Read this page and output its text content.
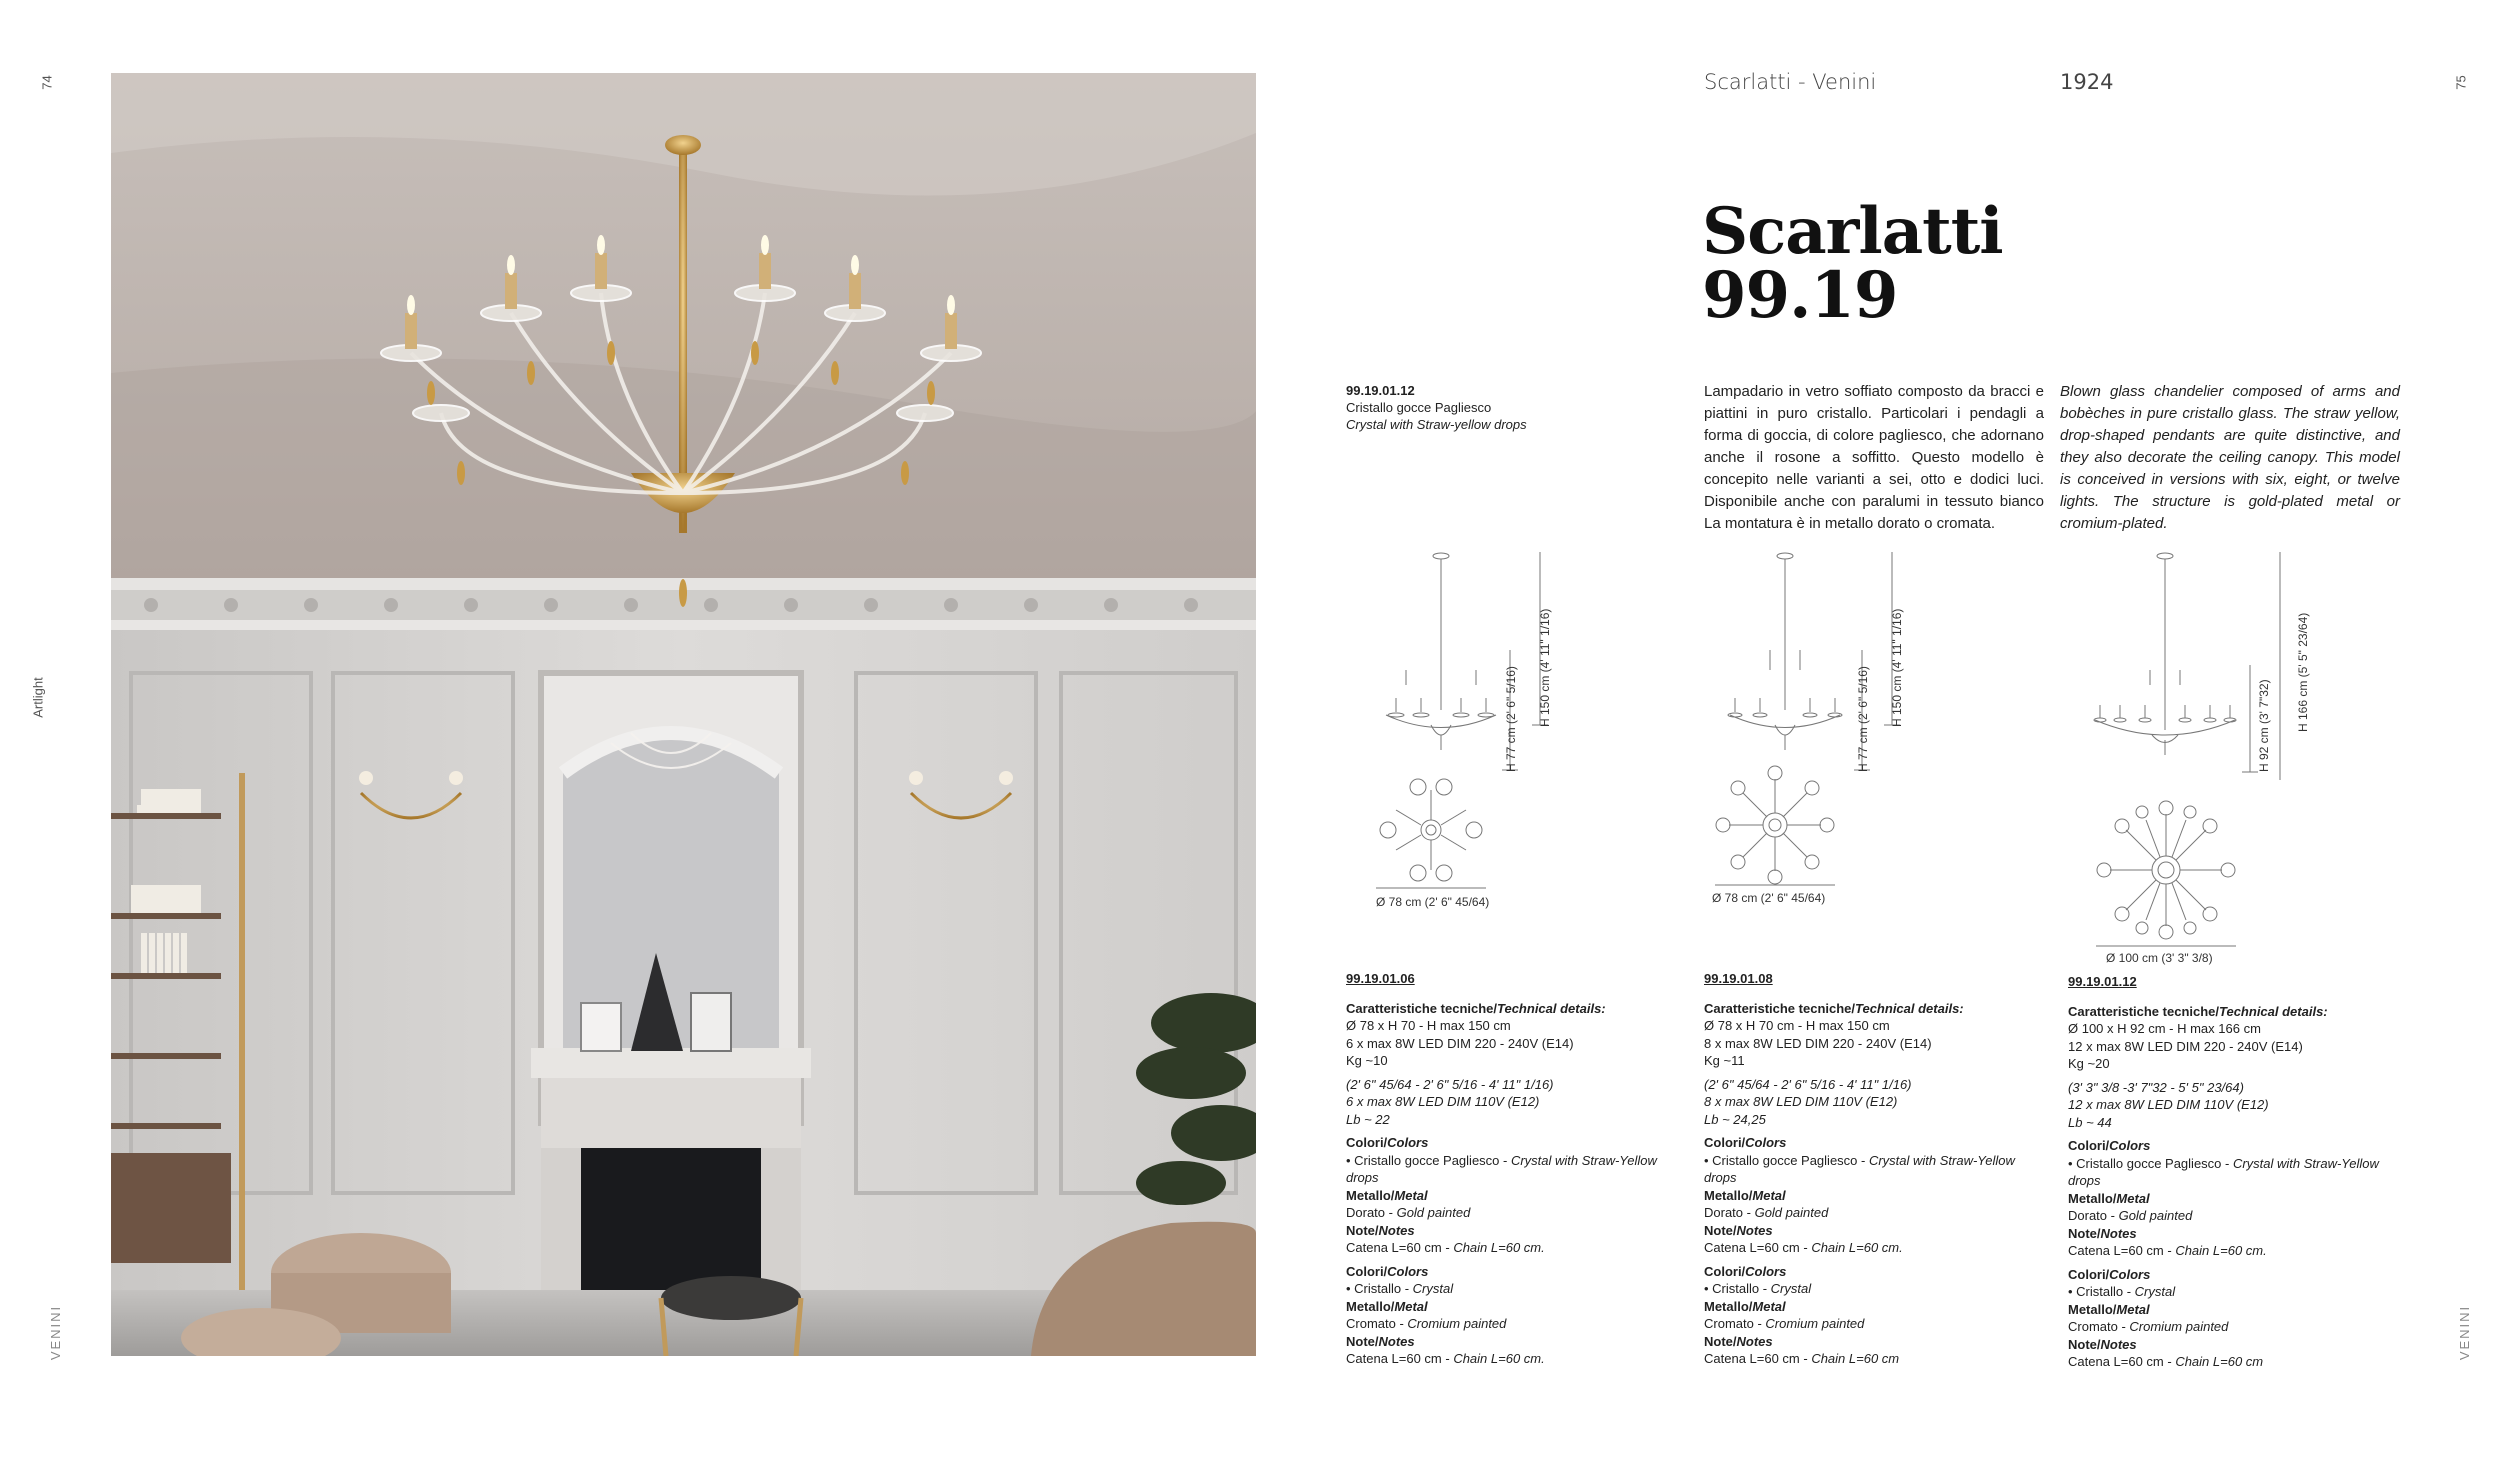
74	75
Artlight
VENINI	VENINI
Scarlatti - Venini	1924
Scarlatti
99.19
99.19.01.12
Cristallo gocce Pagliesco
Crystal with Straw-yellow drops
Lampadario in vetro soffiato composto da bracci e piattini in puro cristallo. Particolari i pendagli a forma di goccia, di colore pagliesco, che adornano anche il rosone a soffitto. Questo modello è concepito nelle varianti a sei, otto e dodici luci. Disponibile anche con paralumi in tessuto bianco La montatura è in metallo dorato o cromata.
Blown glass chandelier composed of arms and bobèches in pure cristallo glass. The straw yellow, drop-shaped pendants are quite distinctive, and they also decorate the ceiling canopy. This model is conceived in versions with six, eight, or twelve lights. The structure is gold-plated metal or cromium-plated.
H 77 cm (2' 6" 5/16) H 150 cm (4' 11" 1/16)
Ø 78 cm (2' 6" 45/64)
H 77 cm (2' 6" 5/16) H 150 cm (4' 11" 1/16)
Ø 78 cm (2' 6" 45/64)
H 92 cm (3' 7"32) H 166 cm (5' 5" 23/64)
Ø 100 cm (3' 3" 3/8)
99.19.01.06
Caratteristiche tecniche/Technical details:
Ø 78 x H 70 - H max 150 cm
6 x max 8W LED DIM 220 - 240V (E14)
Kg ~10
(2' 6" 45/64 - 2' 6" 5/16 - 4' 11" 1/16)
6 x max 8W LED DIM 110V (E12)
Lb ~ 22
Colori/Colors
• Cristallo gocce Pagliesco - Crystal with Straw-Yellow drops
Metallo/Metal
Dorato - Gold painted
Note/Notes
Catena L=60 cm - Chain L=60 cm.
Colori/Colors
• Cristallo - Crystal
Metallo/Metal
Cromato - Cromium painted
Note/Notes
Catena L=60 cm - Chain L=60 cm.
99.19.01.08
Caratteristiche tecniche/Technical details:
Ø 78 x H 70 cm - H max 150 cm
8 x max 8W LED DIM 220 - 240V (E14)
Kg ~11
(2' 6" 45/64 - 2' 6" 5/16 - 4' 11" 1/16)
8 x max 8W LED DIM 110V (E12)
Lb ~ 24,25
Colori/Colors
• Cristallo gocce Pagliesco - Crystal with Straw-Yellow drops
Metallo/Metal
Dorato - Gold painted
Note/Notes
Catena L=60 cm - Chain L=60 cm.
Colori/Colors
• Cristallo - Crystal
Metallo/Metal
Cromato - Cromium painted
Note/Notes
Catena L=60 cm - Chain L=60 cm
99.19.01.12
Caratteristiche tecniche/Technical details:
Ø 100 x H 92 cm - H max 166 cm
12 x max 8W LED DIM 220 - 240V (E14)
Kg ~20
(3' 3" 3/8 -3' 7"32 - 5' 5" 23/64)
12 x max 8W LED DIM 110V (E12)
Lb ~ 44
Colori/Colors
• Cristallo gocce Pagliesco - Crystal with Straw-Yellow drops
Metallo/Metal
Dorato - Gold painted
Note/Notes
Catena L=60 cm - Chain L=60 cm.
Colori/Colors
• Cristallo - Crystal
Metallo/Metal
Cromato - Cromium painted
Note/Notes
Catena L=60 cm - Chain L=60 cm
